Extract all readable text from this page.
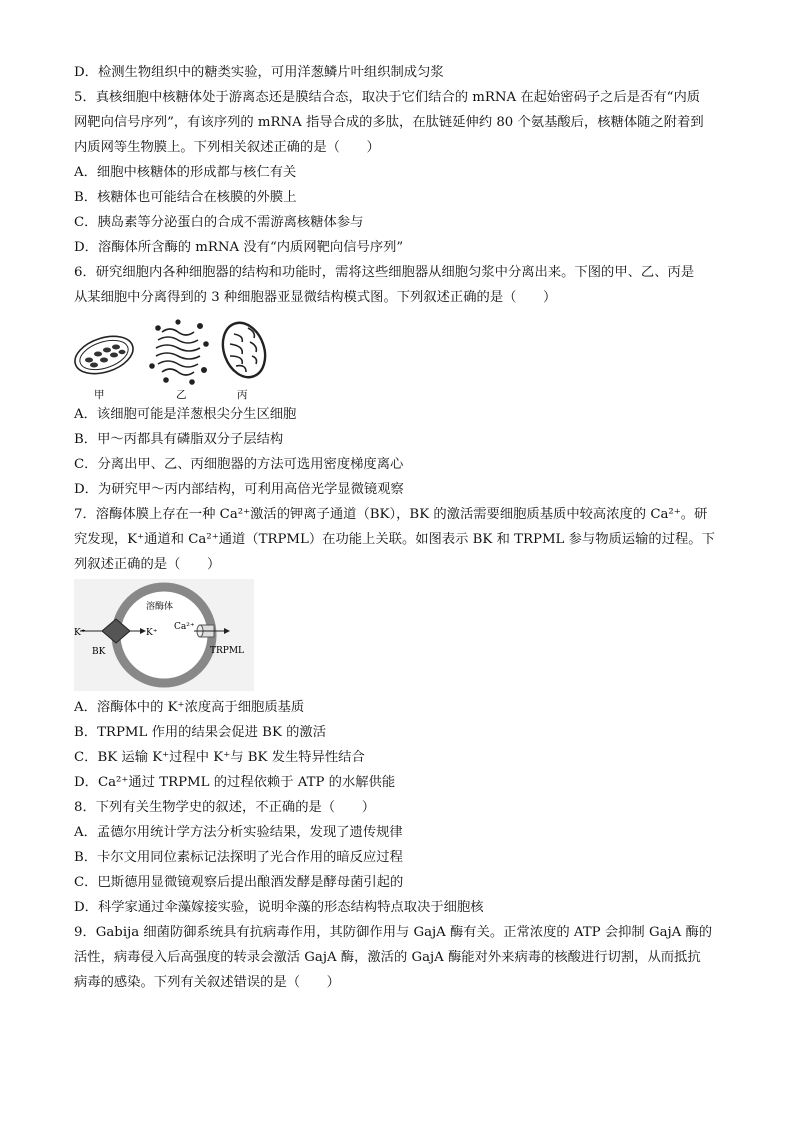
D．检测生物组织中的糖类实验，可用洋葱鳞片叶组织制成匀浆
5．真核细胞中核糖体处于游离态还是膜结合态，取决于它们结合的 mRNA 在起始密码子之后是否有“内质
网靶向信号序列”，有该序列的 mRNA 指导合成的多肽，在肽链延伸约 80 个氨基酸后，核糖体随之附着到
内质网等生物膜上。下列相关叙述正确的是（　　）
A．细胞中核糖体的形成都与核仁有关
B．核糖体也可能结合在核膜的外膜上
C．胰岛素等分泌蛋白的合成不需游离核糖体参与
D．溶酶体所含酶的 mRNA 没有“内质网靶向信号序列”
6．研究细胞内各种细胞器的结构和功能时，需将这些细胞器从细胞匀浆中分离出来。下图的甲、乙、丙是
从某细胞中分离得到的 3 种细胞器亚显微结构模式图。下列叙述正确的是（　　）
甲	乙	丙
A．该细胞可能是洋葱根尖分生区细胞
B．甲～丙都具有磷脂双分子层结构
C．分离出甲、乙、丙细胞器的方法可选用密度梯度离心
D．为研究甲～丙内部结构，可利用高倍光学显微镜观察
7．溶酶体膜上存在一种 Ca²⁺激活的钾离子通道（BK），BK 的激活需要细胞质基质中较高浓度的 Ca²⁺。研
究发现，K⁺通道和 Ca²⁺通道（TRPML）在功能上关联。如图表示 BK 和 TRPML 参与物质运输的过程。下
列叙述正确的是（　　）
溶酶体
K⁺	K⁺
BK
Ca²⁺
TRPML
A．溶酶体中的 K⁺浓度高于细胞质基质
B．TRPML 作用的结果会促进 BK 的激活
C．BK 运输 K⁺过程中 K⁺与 BK 发生特异性结合
D．Ca²⁺通过 TRPML 的过程依赖于 ATP 的水解供能
8．下列有关生物学史的叙述，不正确的是（　　）
A．孟德尔用统计学方法分析实验结果，发现了遗传规律
B．卡尔文用同位素标记法探明了光合作用的暗反应过程
C．巴斯德用显微镜观察后提出酿酒发酵是酵母菌引起的
D．科学家通过伞藻嫁接实验，说明伞藻的形态结构特点取决于细胞核
9．Gabija 细菌防御系统具有抗病毒作用，其防御作用与 GajA 酶有关。正常浓度的 ATP 会抑制 GajA 酶的
活性，病毒侵入后高强度的转录会激活 GajA 酶，激活的 GajA 酶能对外来病毒的核酸进行切割，从而抵抗
病毒的感染。下列有关叙述错误的是（　　）
